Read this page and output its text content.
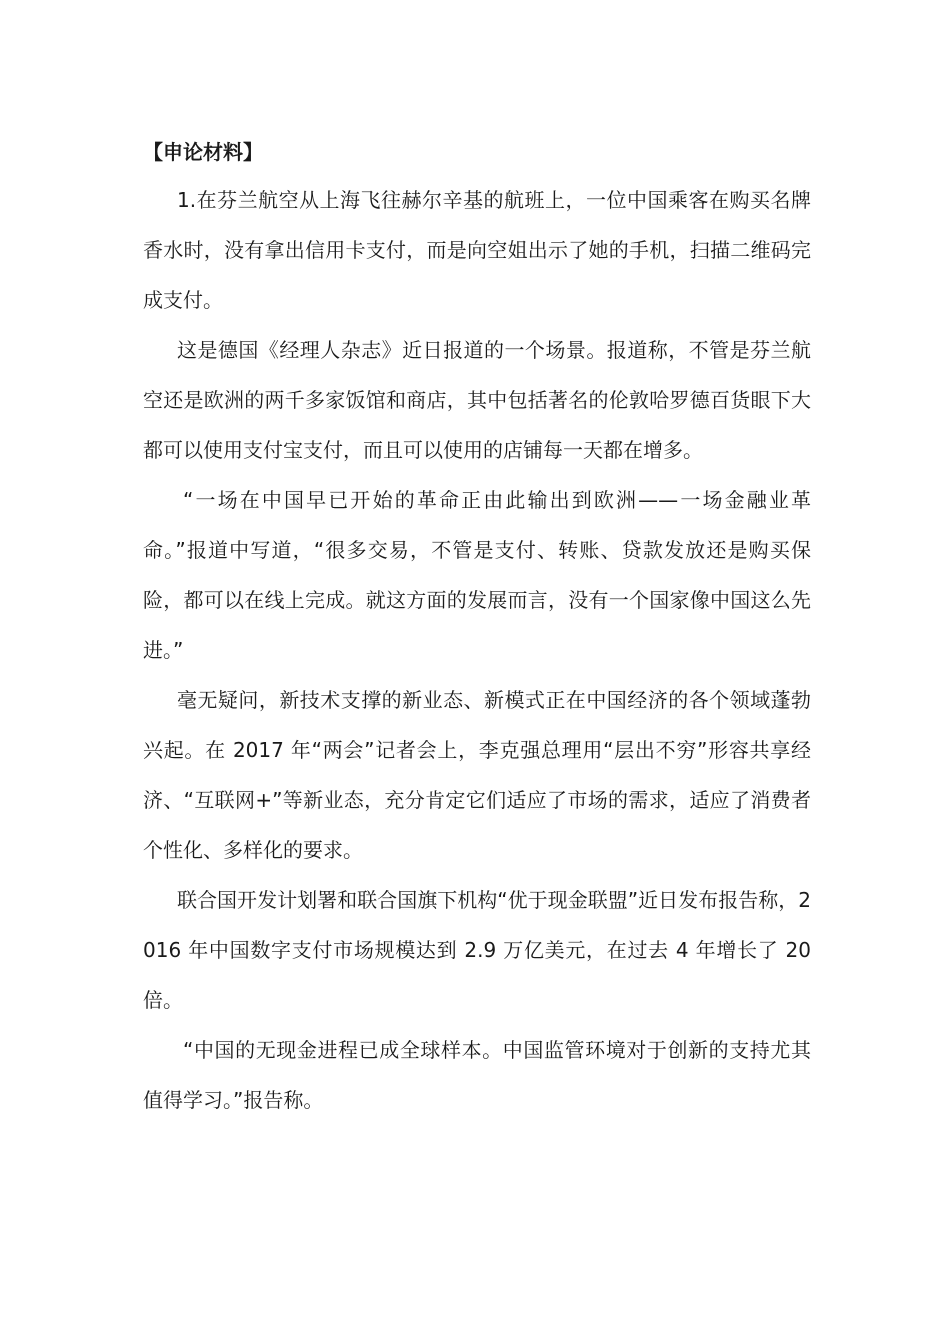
【申论材料】

1.在芬兰航空从上海飞往赫尔辛基的航班上，一位中国乘客在购买名牌香水时，没有拿出信用卡支付，而是向空姐出示了她的手机，扫描二维码完成支付。

这是德国《经理人杂志》近日报道的一个场景。报道称，不管是芬兰航空还是欧洲的两千多家饭馆和商店，其中包括著名的伦敦哈罗德百货眼下大都可以使用支付宝支付，而且可以使用的店铺每一天都在增多。

“一场在中国早已开始的革命正由此输出到欧洲——一场金融业革命。”报道中写道，“很多交易，不管是支付、转账、贷款发放还是购买保险，都可以在线上完成。就这方面的发展而言，没有一个国家像中国这么先进。”

毫无疑问，新技术支撑的新业态、新模式正在中国经济的各个领域蓬勃兴起。在 2017 年“两会”记者会上，李克强总理用“层出不穷”形容共享经济、“互联网+”等新业态，充分肯定它们适应了市场的需求，适应了消费者个性化、多样化的要求。

联合国开发计划署和联合国旗下机构“优于现金联盟”近日发布报告称，2016 年中国数字支付市场规模达到 2.9 万亿美元，在过去 4 年增长了 20 倍。

“中国的无现金进程已成全球样本。中国监管环境对于创新的支持尤其值得学习。”报告称。
